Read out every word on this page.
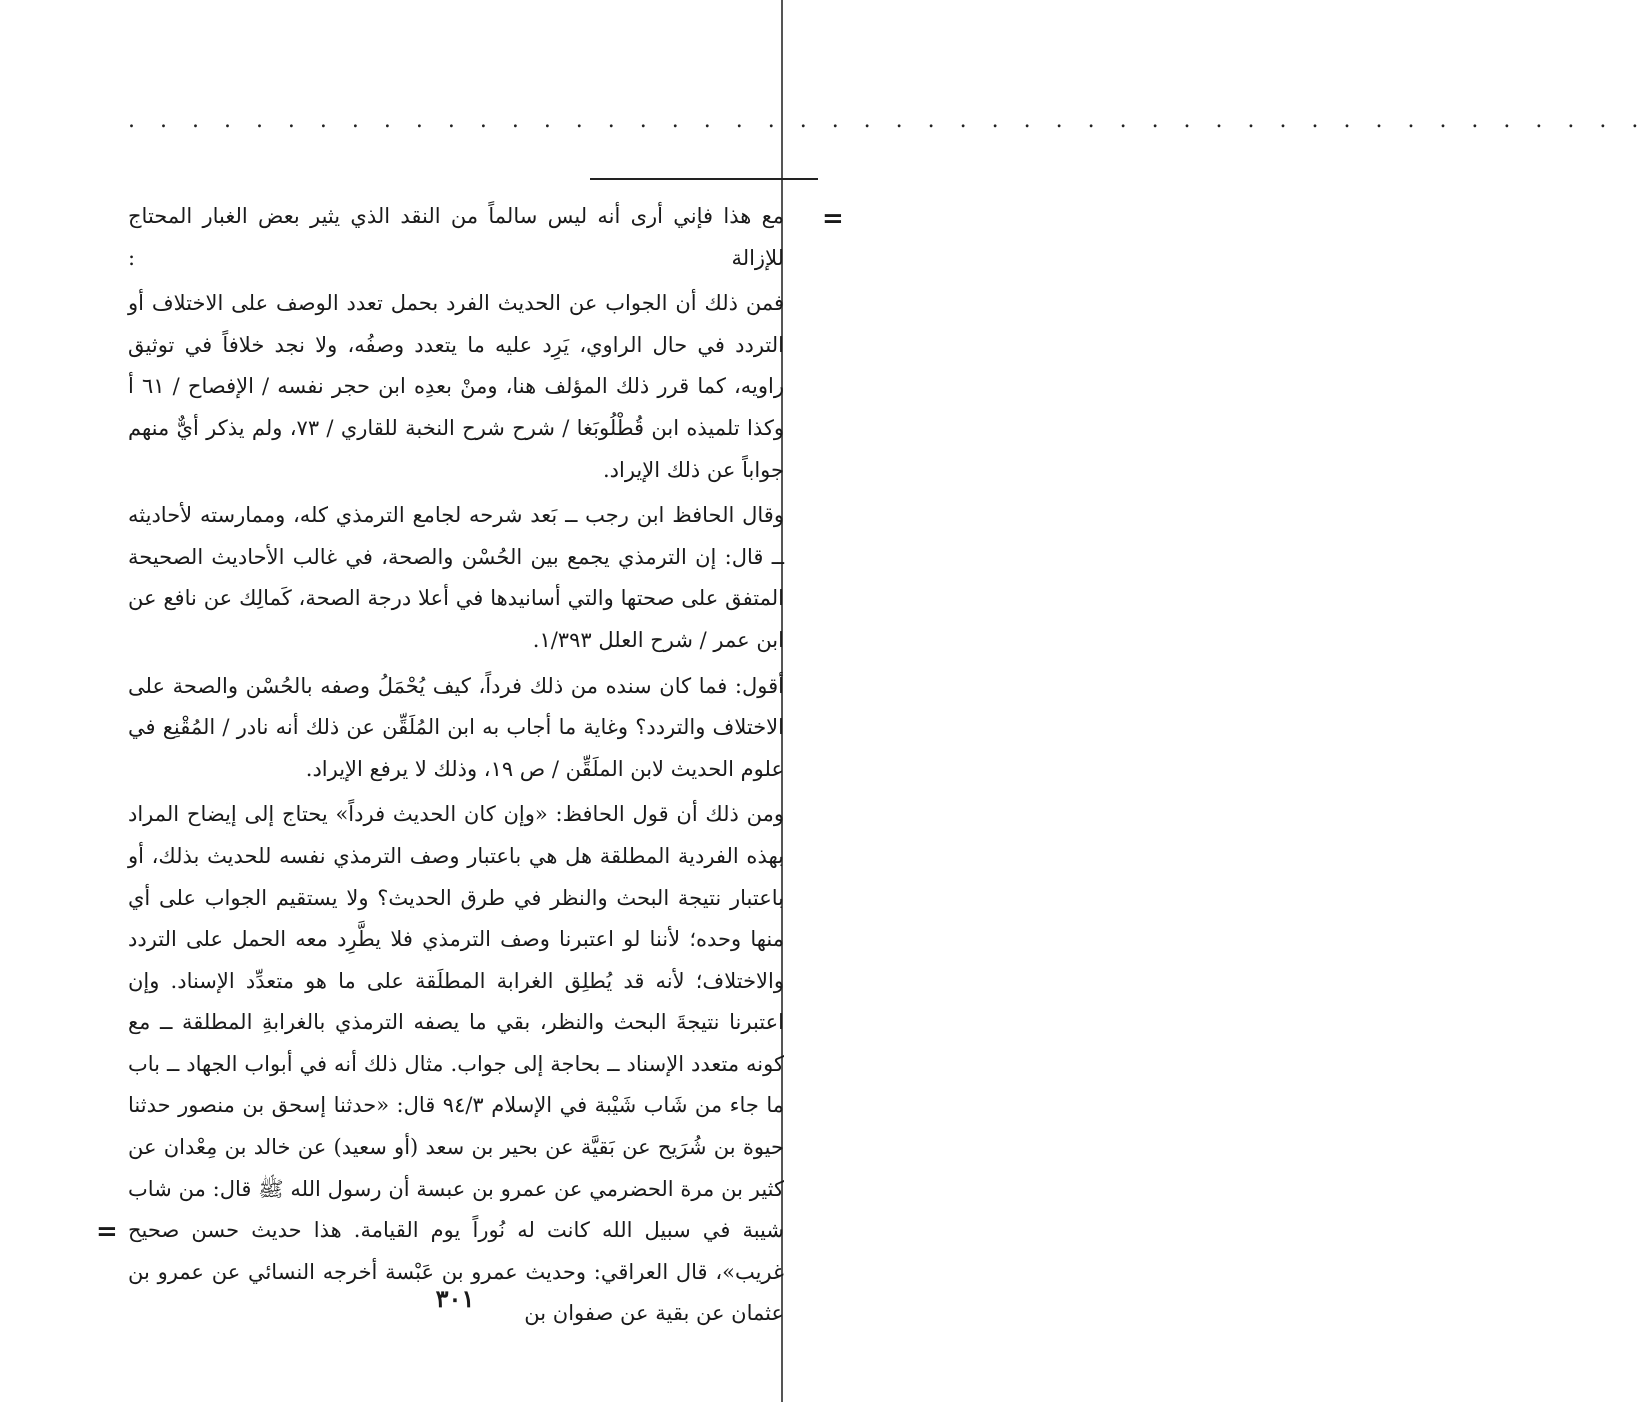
. . . . . . . . . . . . . . . . . . . . . . . . . . . . . . . . . . . . . . . . . . . . . . . .
=

مع هذا فإني أرى أنه ليس سالماً من النقد الذي يثير بعض الغبار المحتاج للإزالة :

فمن ذلك أن الجواب عن الحديث الفرد بحمل تعدد الوصف على الاختلاف أو التردد في حال الراوي، يَرِد عليه ما يتعدد وصفُه، ولا نجد خلافاً في توثيق راويه، كما قرر ذلك المؤلف هنا، ومنْ بعدِه ابن حجر نفسه / الإفصاح / ٦١ أ وكذا تلميذه ابن قُطْلُوبَغا / شرح شرح النخبة للقاري / ٧٣، ولم يذكر أيٌّ منهم جواباً عن ذلك الإيراد.

وقال الحافظ ابن رجب ــ بَعد شرحه لجامع الترمذي كله، وممارسته لأحاديثه ــ قال: إن الترمذي يجمع بين الحُسْن والصحة، في غالب الأحاديث الصحيحة المتفق على صحتها والتي أسانيدها في أعلا درجة الصحة، كَمالِك عن نافع عن ابن عمر / شرح العلل ١/٣٩٣.

أقول: فما كان سنده من ذلك فرداً، كيف يُحْمَلُ وصفه بالحُسْن والصحة على الاختلاف والتردد؟ وغاية ما أجاب به ابن المُلَقِّن عن ذلك أنه نادر / المُقْنِع في علوم الحديث لابن الملَقِّن / ص ١٩، وذلك لا يرفع الإيراد.

ومن ذلك أن قول الحافظ: «وإن كان الحديث فرداً» يحتاج إلى إيضاح المراد بهذه الفردية المطلقة هل هي باعتبار وصف الترمذي نفسه للحديث بذلك، أو باعتبار نتيجة البحث والنظر في طرق الحديث؟ ولا يستقيم الجواب على أي منها وحده؛ لأننا لو اعتبرنا وصف الترمذي فلا يطَّرِد معه الحمل على التردد والاختلاف؛ لأنه قد يُطلِق الغرابة المطلَقة على ما هو متعدِّد الإسناد. وإن اعتبرنا نتيجةَ البحث والنظر، بقي ما يصفه الترمذي بالغرابةِ المطلقة ــ مع كونه متعدد الإسناد ــ بحاجة إلى جواب. مثال ذلك أنه في أبواب الجهاد ــ باب ما جاء من شَاب شَيْبة في الإسلام ٩٤/٣ قال: «حدثنا إسحق بن منصور حدثنا حيوة بن شُرَيح عن بَقيَّة عن بحير بن سعد (أو سعيد) عن خالد بن مِعْدان عن كثير بن مرة الحضرمي عن عمرو بن عبسة أن رسول الله ﷺ قال: من شاب شيبة في سبيل الله كانت له نُوراً يوم القيامة. هذا حديث حسن صحيح غريب»، قال العراقي: وحديث عمرو بن عَبْسة أخرجه النسائي عن عمرو بن عثمان عن بقية عن صفوان بن

=
٣٠١
